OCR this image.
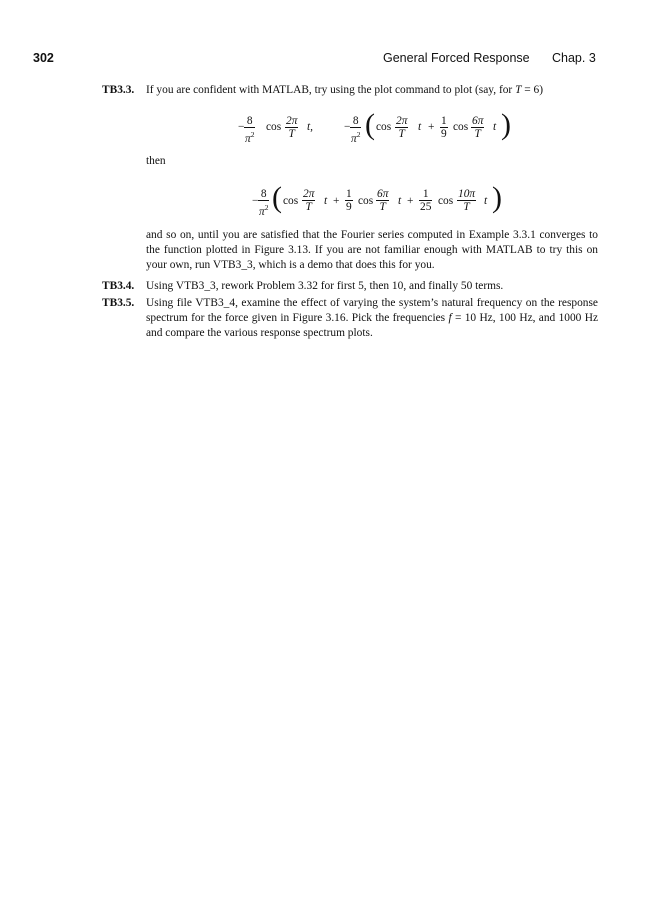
302	General Forced Response Chap. 3
TB3.3. If you are confident with MATLAB, try using the plot command to plot (say, for T = 6)
8
$\pi^2$
− cos 2π
T
t,	− 8
$\pi^2$ ( cos 2π
T
t + 1
9
cos 6π
T
t )
then
−
8
$\pi^2$ ( cos
2π
T t +
1
9 cos
6π
T t +
1
25 cos
10π
T t )
and so on, until you are satisfied that the Fourier series computed in Example 3.3.1 converges to the function plotted in Figure 3.13. If you are not familiar enough with MATLAB to try this on your own, run VTB3_3, which is a demo that does this for you.
TB3.4. Using VTB3_3, rework Problem 3.32 for first 5, then 10, and finally 50 terms.
TB3.5. Using file VTB3_4, examine the effect of varying the system’s natural frequency on the response spectrum for the force given in Figure 3.16. Pick the frequencies f = 10 Hz, 100 Hz, and 1000 Hz and compare the various response spectrum plots.
